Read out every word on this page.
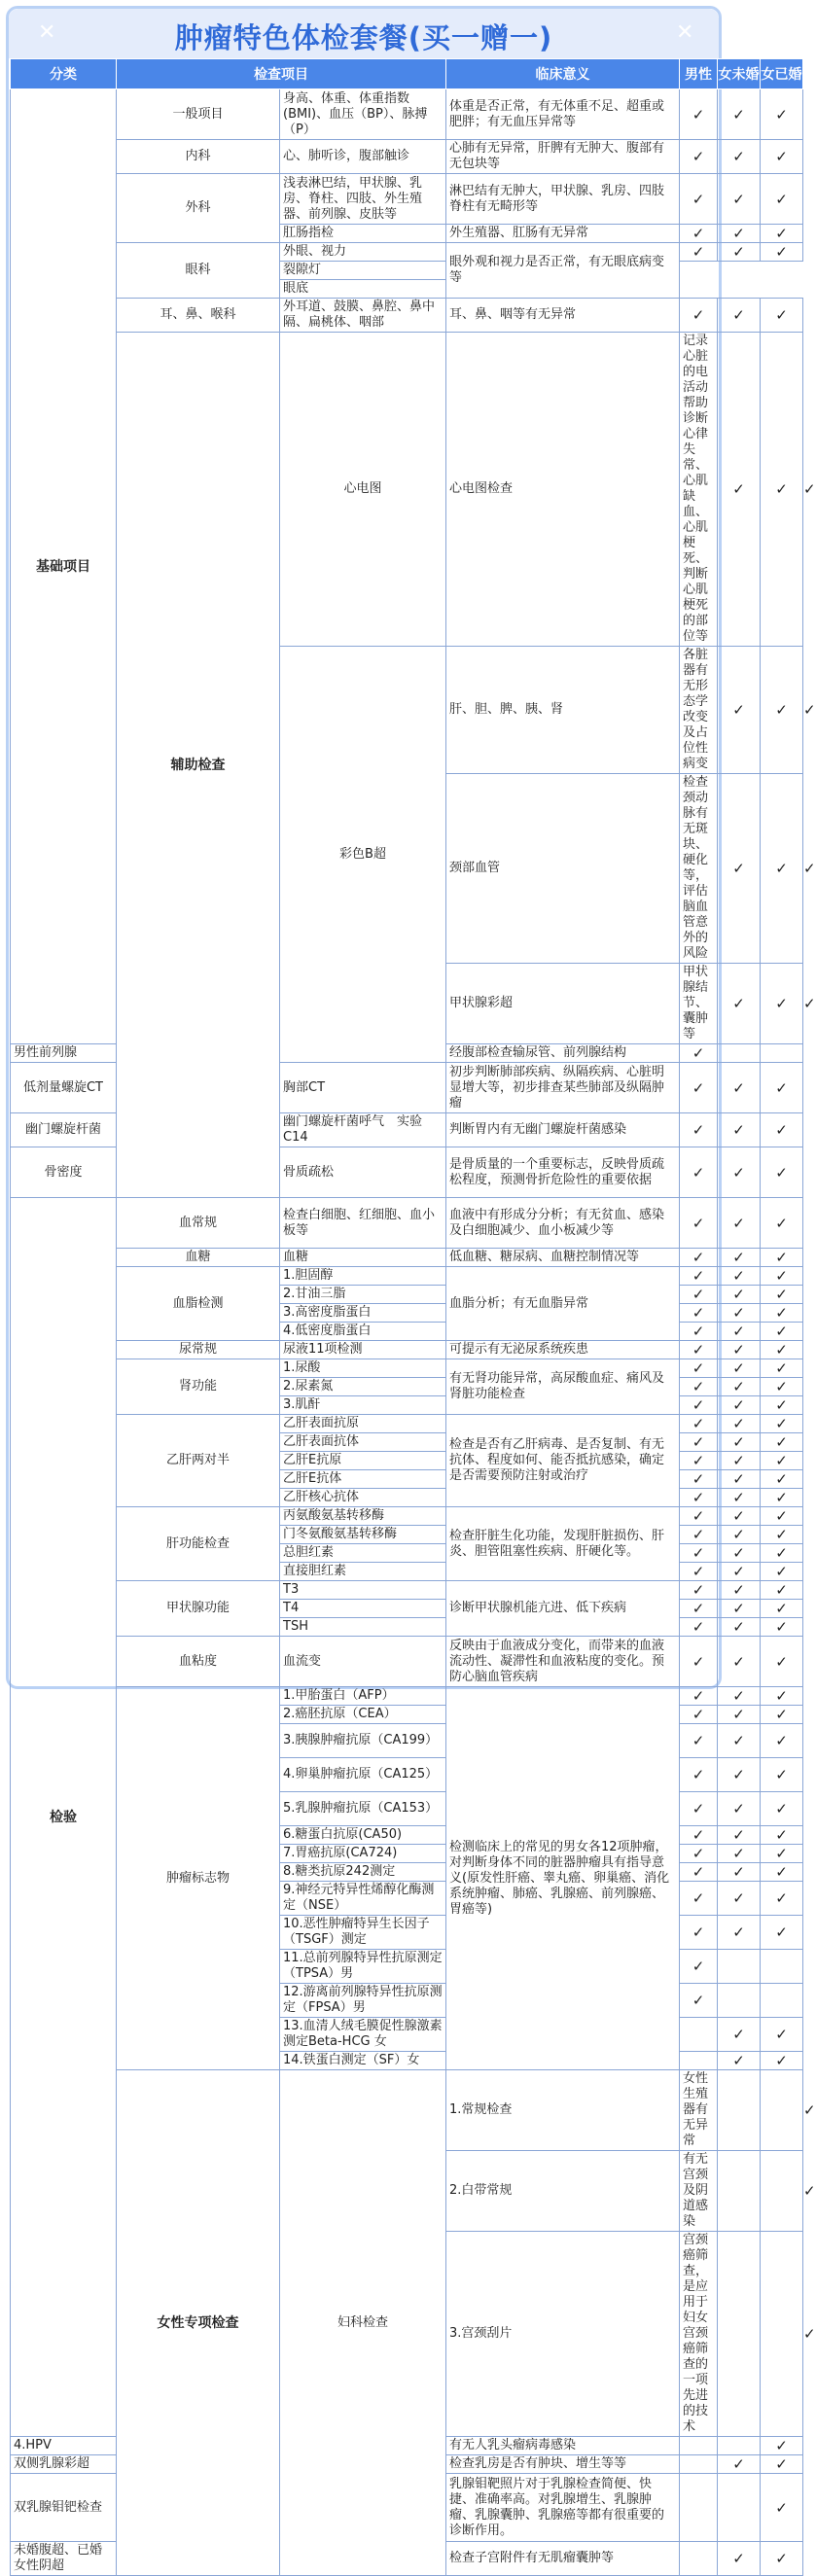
✕	肿瘤特色体检套餐(买一赠一)	✕
分类	检查项目		临床意义	男性	女未婚	女已婚	
基础项目	一般项目	身高、体重、体重指数(BMI)、血压（BP）、脉搏（P）	体重是否正常，有无体重不足、超重或肥胖；有无血压异常等	✓	✓	✓	
	内科	心、肺听诊，腹部触诊	心肺有无异常，肝脾有无肿大、腹部有无包块等	✓	✓	✓	
	外科	浅表淋巴结，甲状腺、乳房、脊柱、四肢、外生殖器、前列腺、皮肤等	淋巴结有无肿大，甲状腺、乳房、四肢脊柱有无畸形等	✓	✓	✓	
		肛肠指检	外生殖器、肛肠有无异常	✓	✓	✓	
	眼科	外眼、视力	眼外观和视力是否正常，有无眼底病变等	✓	✓	✓	
		裂隙灯					
		眼底					
	耳、鼻、喉科	外耳道、鼓膜、鼻腔、鼻中隔、扁桃体、咽部	耳、鼻、咽等有无异常	✓	✓	✓	
	辅助检查	心电图	心电图检查	记录心脏的电活动帮助诊断心律失常、心肌缺血、心肌梗死、判断心肌梗死的部位等	✓	✓	✓
		彩色B超	肝、胆、脾、胰、肾	各脏器有无形态学改变及占位性病变	✓	✓	✓
			颈部血管	检查颈动脉有无斑块、硬化等，评估脑血管意外的风险	✓	✓	✓
			甲状腺彩超	甲状腺结节、囊肿等	✓	✓	✓
男性前列腺			经腹部检查输尿管、前列腺结构	✓			
低剂量螺旋CT		胸部CT	初步判断肺部疾病、纵隔疾病、心脏明显增大等，初步排查某些肺部及纵隔肿瘤	✓	✓	✓	
幽门螺旋杆菌		幽门螺旋杆菌呼气　实验C14	判断胃内有无幽门螺旋杆菌感染	✓	✓	✓	
骨密度		骨质疏松	是骨质量的一个重要标志，反映骨质疏松程度，预测骨折危险性的重要依据	✓	✓	✓	
检验	血常规	检查白细胞、红细胞、血小板等	血液中有形成分分析；有无贫血、感染及白细胞减少、血小板减少等	✓	✓	✓	
	血糖	血糖	低血糖、糖尿病、血糖控制情况等	✓	✓	✓	
	血脂检测	1.胆固醇	血脂分析；有无血脂异常	✓	✓	✓	
		2.甘油三脂		✓	✓	✓	
		3.高密度脂蛋白		✓	✓	✓	
		4.低密度脂蛋白		✓	✓	✓	
	尿常规	尿液11项检测	可提示有无泌尿系统疾患	✓	✓	✓	
	肾功能	1.尿酸	有无肾功能异常，高尿酸血症、痛风及肾脏功能检查	✓	✓	✓	
		2.尿素氮		✓	✓	✓	
		3.肌酐		✓	✓	✓	
	乙肝两对半	乙肝表面抗原	检查是否有乙肝病毒、是否复制、有无抗体、程度如何、能否抵抗感染，确定是否需要预防注射或治疗	✓	✓	✓	
		乙肝表面抗体		✓	✓	✓	
		乙肝E抗原		✓	✓	✓	
		乙肝E抗体		✓	✓	✓	
		乙肝核心抗体		✓	✓	✓	
	肝功能检查	丙氨酸氨基转移酶	检查肝脏生化功能，发现肝脏损伤、肝炎、胆管阻塞性疾病、肝硬化等。	✓	✓	✓	
		门冬氨酸氨基转移酶		✓	✓	✓	
		总胆红素		✓	✓	✓	
		直接胆红素		✓	✓	✓	
	甲状腺功能	T3	诊断甲状腺机能亢进、低下疾病	✓	✓	✓	
		T4		✓	✓	✓	
		TSH		✓	✓	✓	
	血粘度	血流变	反映由于血液成分变化，而带来的血液流动性、凝滞性和血液粘度的变化。预防心脑血管疾病	✓	✓	✓	
	肿瘤标志物	1.甲胎蛋白（AFP）	检测临床上的常见的男女各12项肿瘤，对判断身体不同的脏器肿瘤具有指导意义(原发性肝癌、睾丸癌、卵巢癌、消化系统肿瘤、肺癌、乳腺癌、前列腺癌、胃癌等)	✓	✓	✓	
		2.癌胚抗原（CEA）		✓	✓	✓	
		3.胰腺肿瘤抗原（CA199）		✓	✓	✓	
		4.卵巢肿瘤抗原（CA125）		✓	✓	✓	
		5.乳腺肿瘤抗原（CA153）		✓	✓	✓	
		6.糖蛋白抗原(CA50)		✓	✓	✓	
		7.胃癌抗原(CA724)		✓	✓	✓	
		8.糖类抗原242测定		✓	✓	✓	
		9.神经元特异性烯醇化酶测定（NSE）		✓	✓	✓	
		10.恶性肿瘤特异生长因子（TSGF）测定		✓	✓	✓	
		11.总前列腺特异性抗原测定（TPSA）男		✓			
		12.游离前列腺特异性抗原测定（FPSA）男		✓			
		13.血清人绒毛膜促性腺激素测定Beta-HCG 女			✓	✓	
		14.铁蛋白测定（SF）女			✓	✓	
	女性专项检查	妇科检查	1.常规检查	女性生殖器有无异常			✓
			2.白带常规	有无宫颈及阴道感染			✓
			3.宫颈刮片	宫颈癌筛查，是应用于妇女宫颈癌筛查的一项先进的技术			✓
4.HPV			有无人乳头瘤病毒感染			✓	
双侧乳腺彩超			检查乳房是否有肿块、增生等等		✓	✓	
双乳腺钼钯检查			乳腺钼靶照片对于乳腺检查简便、快捷、准确率高。对乳腺增生、乳腺肿瘤、乳腺囊肿、乳腺癌等都有很重要的诊断作用。			✓	
未婚腹超、已婚女性阴超			检查子宫附件有无肌瘤囊肿等		✓	✓	
